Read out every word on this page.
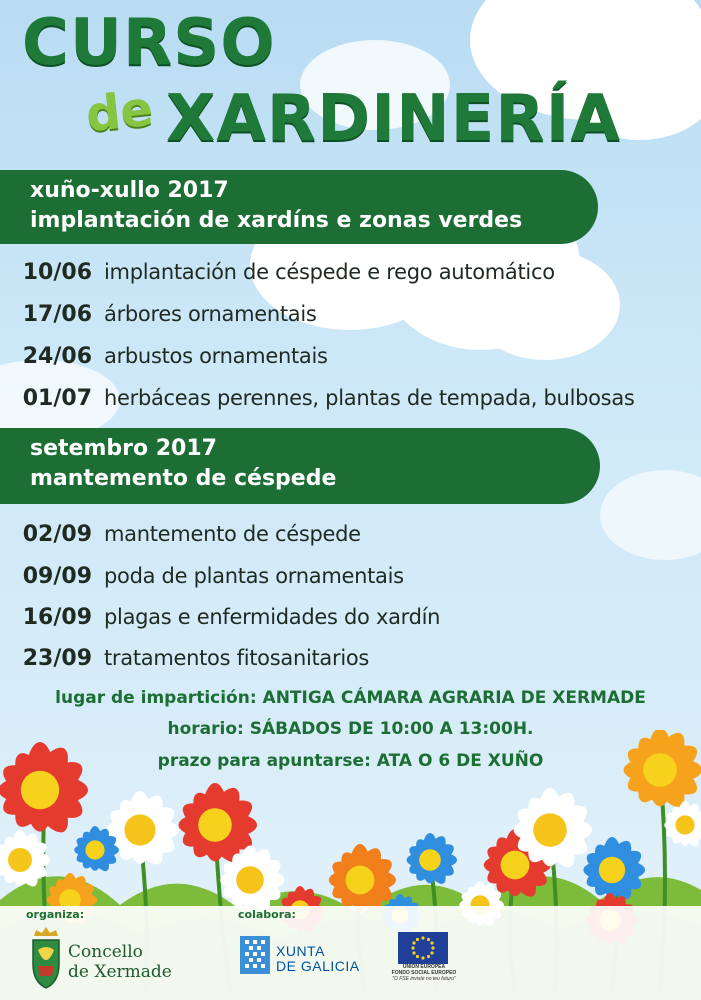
CURSO
de XARDINERÍA
xuño-xullo 2017
implantación de xardíns e zonas verdes
10/06 implantación de céspede e rego automático
17/06 árbores ornamentais
24/06 arbustos ornamentais
01/07 herbáceas perennes, plantas de tempada, bulbosas
setembro 2017
mantemento de céspede
02/09 mantemento de céspede
09/09 poda de plantas ornamentais
16/09 plagas e enfermidades do xardín
23/09 tratamentos fitosanitarios
lugar de impartición: ANTIGA CÁMARA AGRARIA DE XERMADE
horario: SÁBADOS DE 10:00 A 13:00H.
prazo para apuntarse: ATA O 6 DE XUÑO
organiza:	colabora:
Concello
de Xermade
XUNTA
DE GALICIA	UNIÓN EUROPEA
FONDO SOCIAL EUROPEO
"O FSE inviste no teu futuro"
